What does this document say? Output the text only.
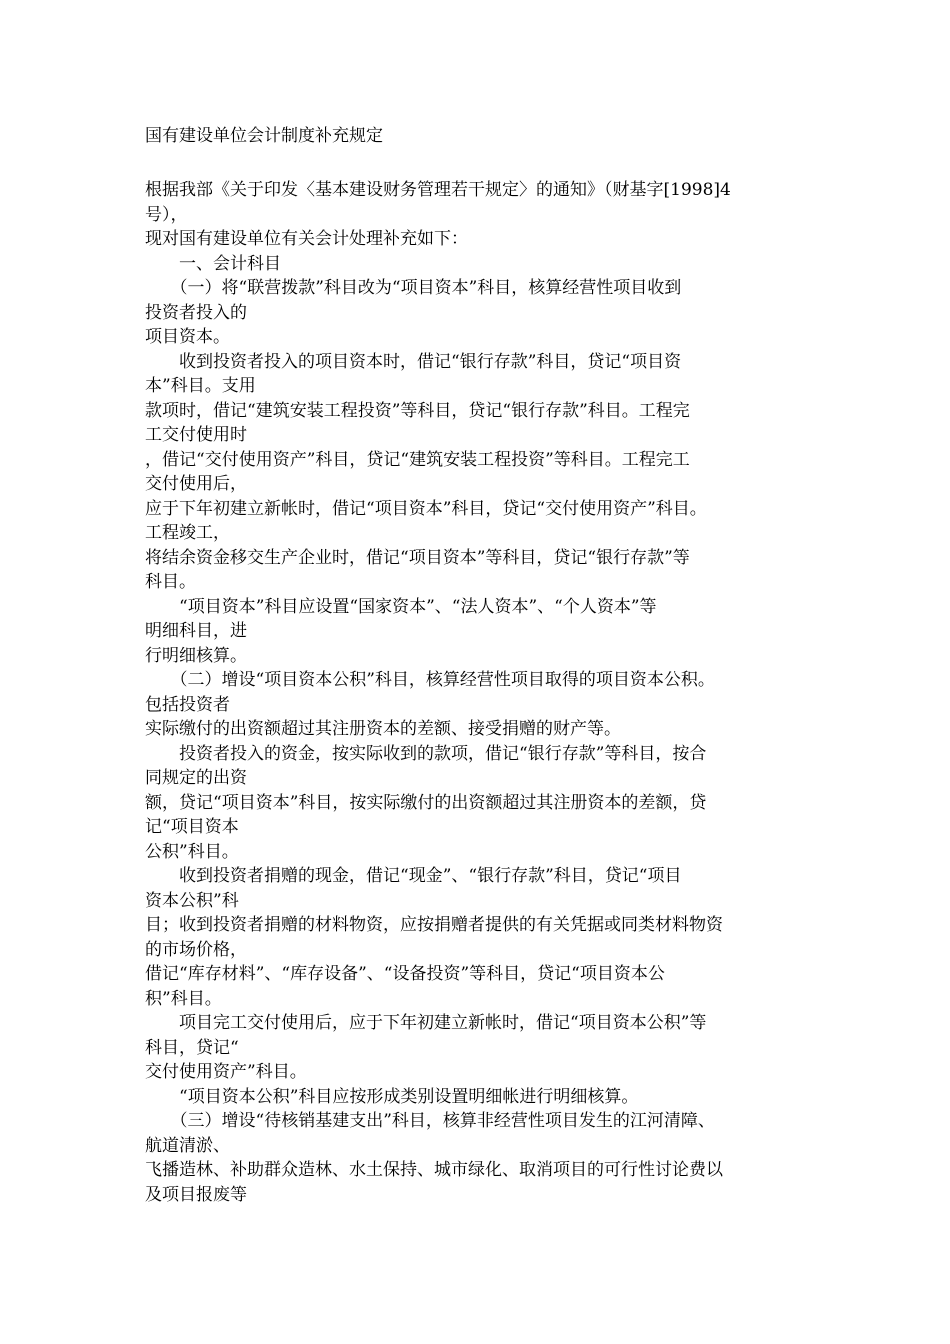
国有建设单位会计制度补充规定
根据我部《关于印发〈基本建设财务管理若干规定〉的通知》（财基字[1998]4
号），
现对国有建设单位有关会计处理补充如下：
　　一、会计科目
　　（一）将“联营拨款”科目改为“项目资本”科目，核算经营性项目收到
投资者投入的
项目资本。
　　收到投资者投入的项目资本时，借记“银行存款”科目，贷记“项目资
本”科目。支用
款项时，借记“建筑安装工程投资”等科目，贷记“银行存款”科目。工程完
工交付使用时
，借记“交付使用资产”科目，贷记“建筑安装工程投资”等科目。工程完工
交付使用后，
应于下年初建立新帐时，借记“项目资本”科目，贷记“交付使用资产”科目。
工程竣工，
将结余资金移交生产企业时，借记“项目资本”等科目，贷记“银行存款”等
科目。
　　“项目资本”科目应设置“国家资本”、“法人资本”、“个人资本”等
明细科目，进
行明细核算。
　　（二）增设“项目资本公积”科目，核算经营性项目取得的项目资本公积。
包括投资者
实际缴付的出资额超过其注册资本的差额、接受捐赠的财产等。
　　投资者投入的资金，按实际收到的款项，借记“银行存款”等科目，按合
同规定的出资
额，贷记“项目资本”科目，按实际缴付的出资额超过其注册资本的差额，贷
记“项目资本
公积”科目。
　　收到投资者捐赠的现金，借记“现金”、“银行存款”科目，贷记“项目
资本公积”科
目；收到投资者捐赠的材料物资，应按捐赠者提供的有关凭据或同类材料物资
的市场价格，
借记“库存材料”、“库存设备”、“设备投资”等科目，贷记“项目资本公
积”科目。
　　项目完工交付使用后，应于下年初建立新帐时，借记“项目资本公积”等
科目，贷记“
交付使用资产”科目。
　　“项目资本公积”科目应按形成类别设置明细帐进行明细核算。
　　（三）增设“待核销基建支出”科目，核算非经营性项目发生的江河清障、
航道清淤、
飞播造林、补助群众造林、水土保持、城市绿化、取消项目的可行性讨论费以
及项目报废等
